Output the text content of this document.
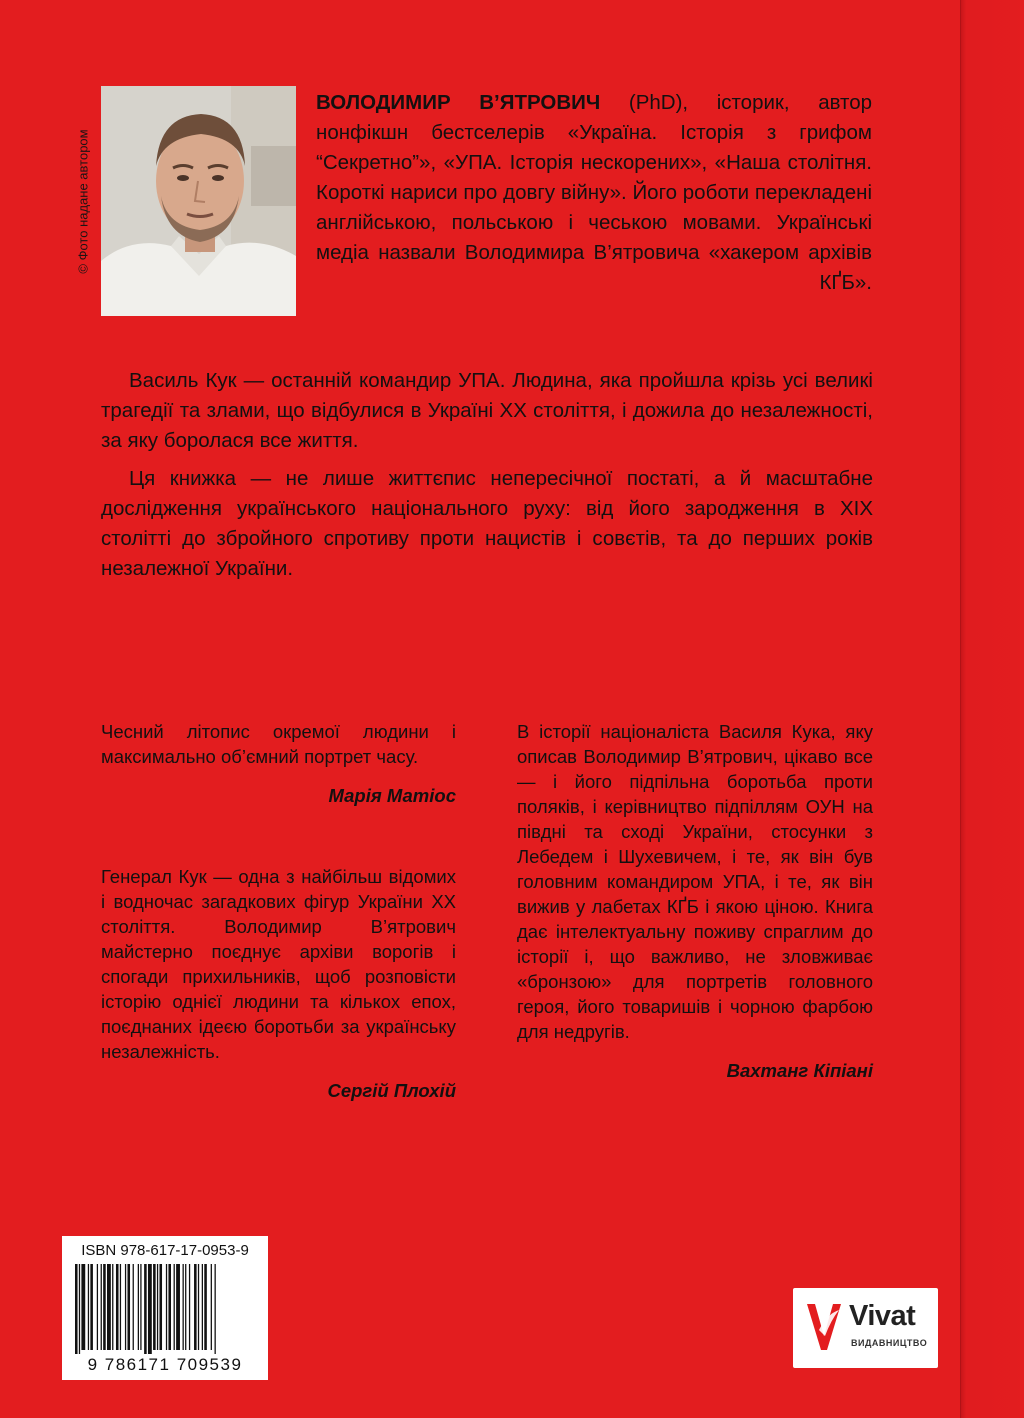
© Фото надане автором
ВОЛОДИМИР В’ЯТРОВИЧ (PhD), історик, автор нонфікшн бестселерів «Україна. Історія з грифом “Секретно”», «УПА. Історія нескорених», «Наша столітня. Короткі нариси про довгу війну». Його роботи перекладені англійською, польською і чеською мовами. Українські медіа назвали Володимира В’ятровича «хакером архівів КҐБ».

Василь Кук — останній командир УПА. Людина, яка пройшла крізь усі великі трагедії та злами, що відбулися в Україні ХХ століття, і дожила до незалежності, за яку боролася все життя.

Ця книжка — не лише життєпис непересічної постаті, а й масштабне дослідження українського національного руху: від його зародження в ХІХ столітті до збройного спротиву проти нацистів і совєтів, та до перших років незалежної України.

Чесний літопис окремої людини і максимально об’ємний портрет часу.

Марія Матіос

Генерал Кук — одна з найбільш відомих і водночас загадкових фігур України ХХ століття. Володимир В’ятрович майстерно поєднує архіви ворогів і спогади прихильників, щоб розповісти історію однієї людини та кількох епох, поєднаних ідеєю боротьби за українську незалежність.

Сергій Плохій

В історії націоналіста Василя Кука, яку описав Володимир В’ятрович, цікаво все — і його підпільна боротьба проти поляків, і керівництво підпіллям ОУН на півдні та сході України, стосунки з Лебедем і Шухевичем, і те, як він був головним командиром УПА, і те, як він вижив у лабетах КҐБ і якою ціною. Книга дає інтелектуальну поживу спраглим до історії і, що важливо, не зловживає «бронзою» для портретів головного героя, його товаришів і чорною фарбою для недругів.

Вахтанг Кіпіані

ISBN 978-617-17-0953-9
9 786171 709539
Vivat
ВИДАВНИЦТВО
